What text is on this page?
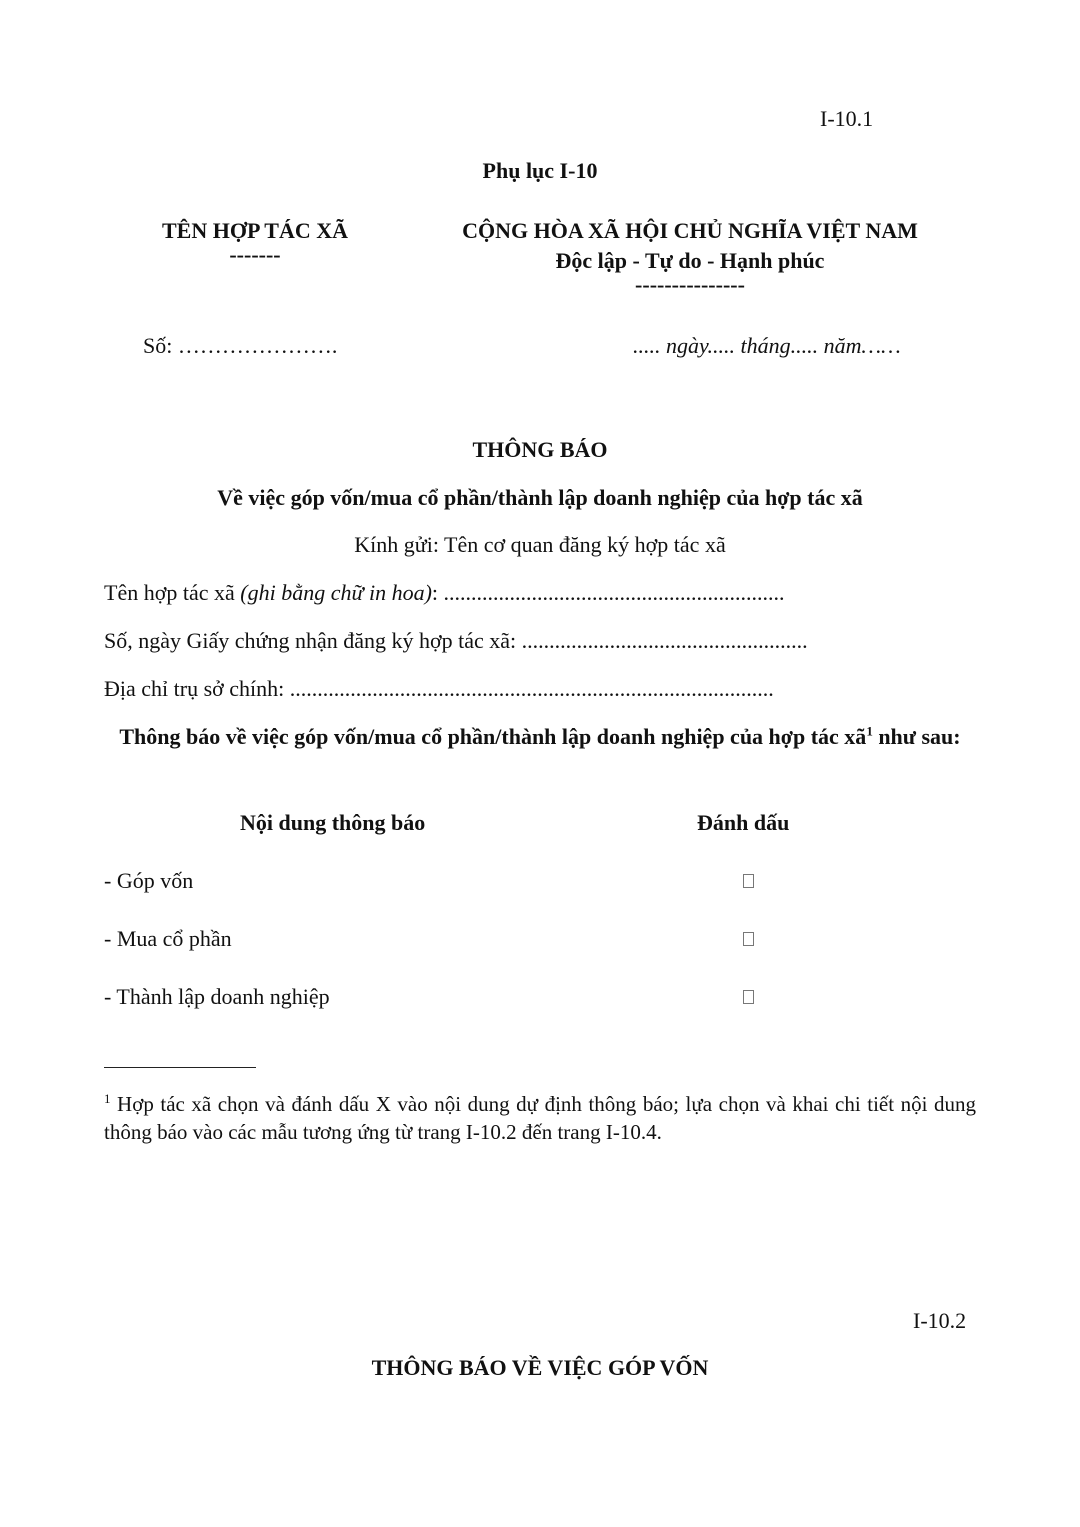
I-10.1
Phụ lục I-10
TÊN HỢP TÁC XÃ
-------
CỘNG HÒA XÃ HỘI CHỦ NGHĨA VIỆT NAM
Độc lập - Tự do - Hạnh phúc
---------------
Số: ………………….	..... ngày..... tháng..... năm……
THÔNG BÁO
Về việc góp vốn/mua cổ phần/thành lập doanh nghiệp của hợp tác xã
Kính gửi: Tên cơ quan đăng ký hợp tác xã
Tên hợp tác xã (ghi bằng chữ in hoa): ..............................................................
Số, ngày Giấy chứng nhận đăng ký hợp tác xã: ....................................................
Địa chỉ trụ sở chính: ........................................................................................
Thông báo về việc góp vốn/mua cổ phần/thành lập doanh nghiệp của hợp tác $xã^1$ như sau:
Nội dung thông báo	Đánh dấu
- Góp vốn
- Mua cổ phần
- Thành lập doanh nghiệp
$^1$ Hợp tác xã chọn và đánh dấu X vào nội dung dự định thông báo; lựa chọn và khai chi tiết nội dung thông báo vào các mẫu tương ứng từ trang I-10.2 đến trang I-10.4.
I-10.2
THÔNG BÁO VỀ VIỆC GÓP VỐN
